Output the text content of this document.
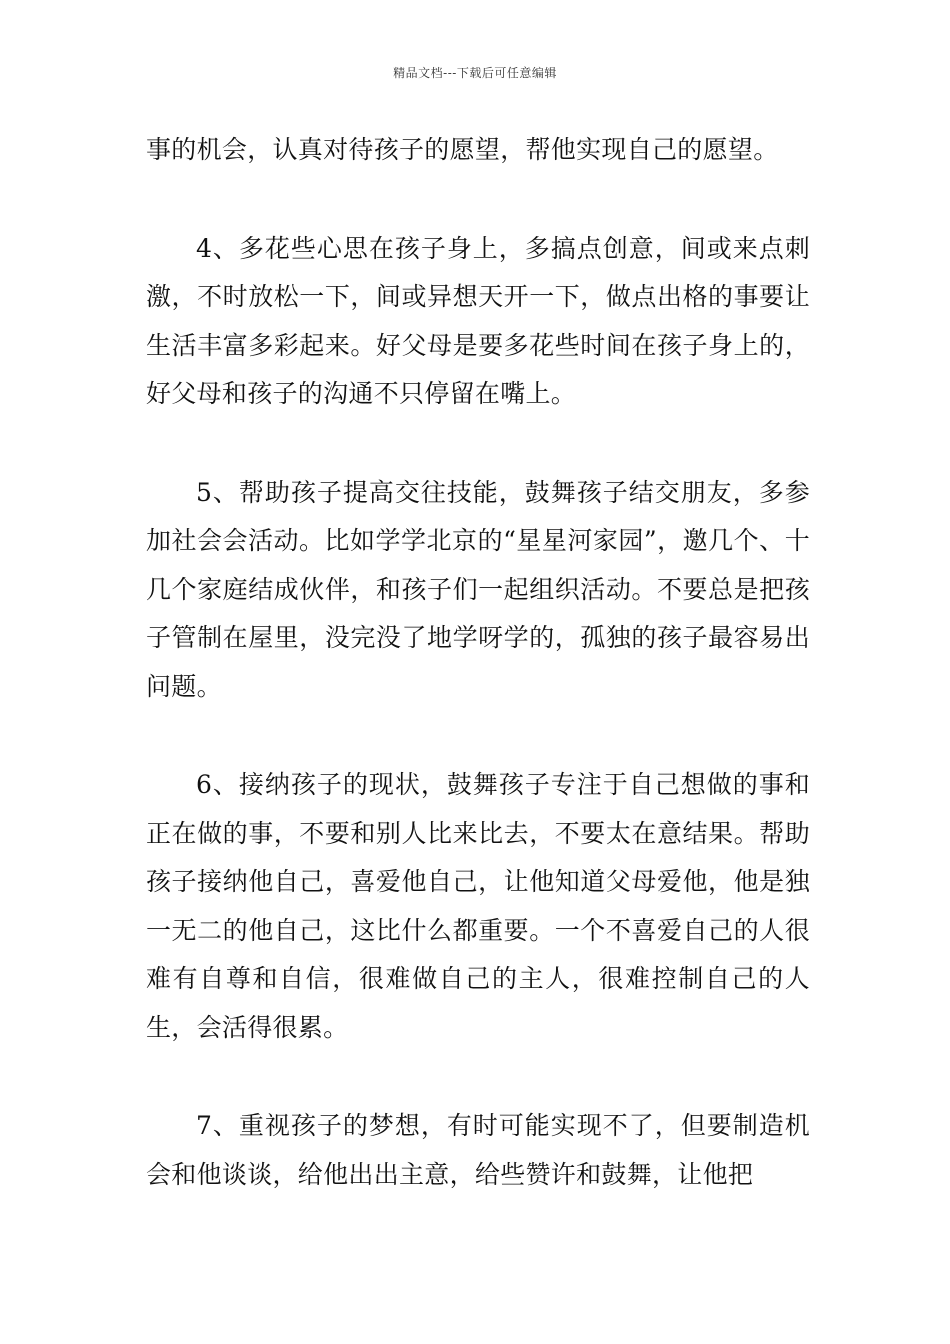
精品文档---下载后可任意编辑

事的机会，认真对待孩子的愿望，帮他实现自己的愿望。

4、多花些心思在孩子身上，多搞点创意，间或来点刺激，不时放松一下，间或异想天开一下，做点出格的事要让生活丰富多彩起来。好父母是要多花些时间在孩子身上的，好父母和孩子的沟通不只停留在嘴上。

5、帮助孩子提高交往技能，鼓舞孩子结交朋友，多参加社会会活动。比如学学北京的“星星河家园”，邀几个、十几个家庭结成伙伴，和孩子们一起组织活动。不要总是把孩子管制在屋里，没完没了地学呀学的，孤独的孩子最容易出问题。

6、接纳孩子的现状，鼓舞孩子专注于自己想做的事和正在做的事，不要和别人比来比去，不要太在意结果。帮助孩子接纳他自己，喜爱他自己，让他知道父母爱他，他是独一无二的他自己，这比什么都重要。一个不喜爱自己的人很难有自尊和自信，很难做自己的主人，很难控制自己的人生，会活得很累。

7、重视孩子的梦想，有时可能实现不了，但要制造机会和他谈谈，给他出出主意，给些赞许和鼓舞，让他把
